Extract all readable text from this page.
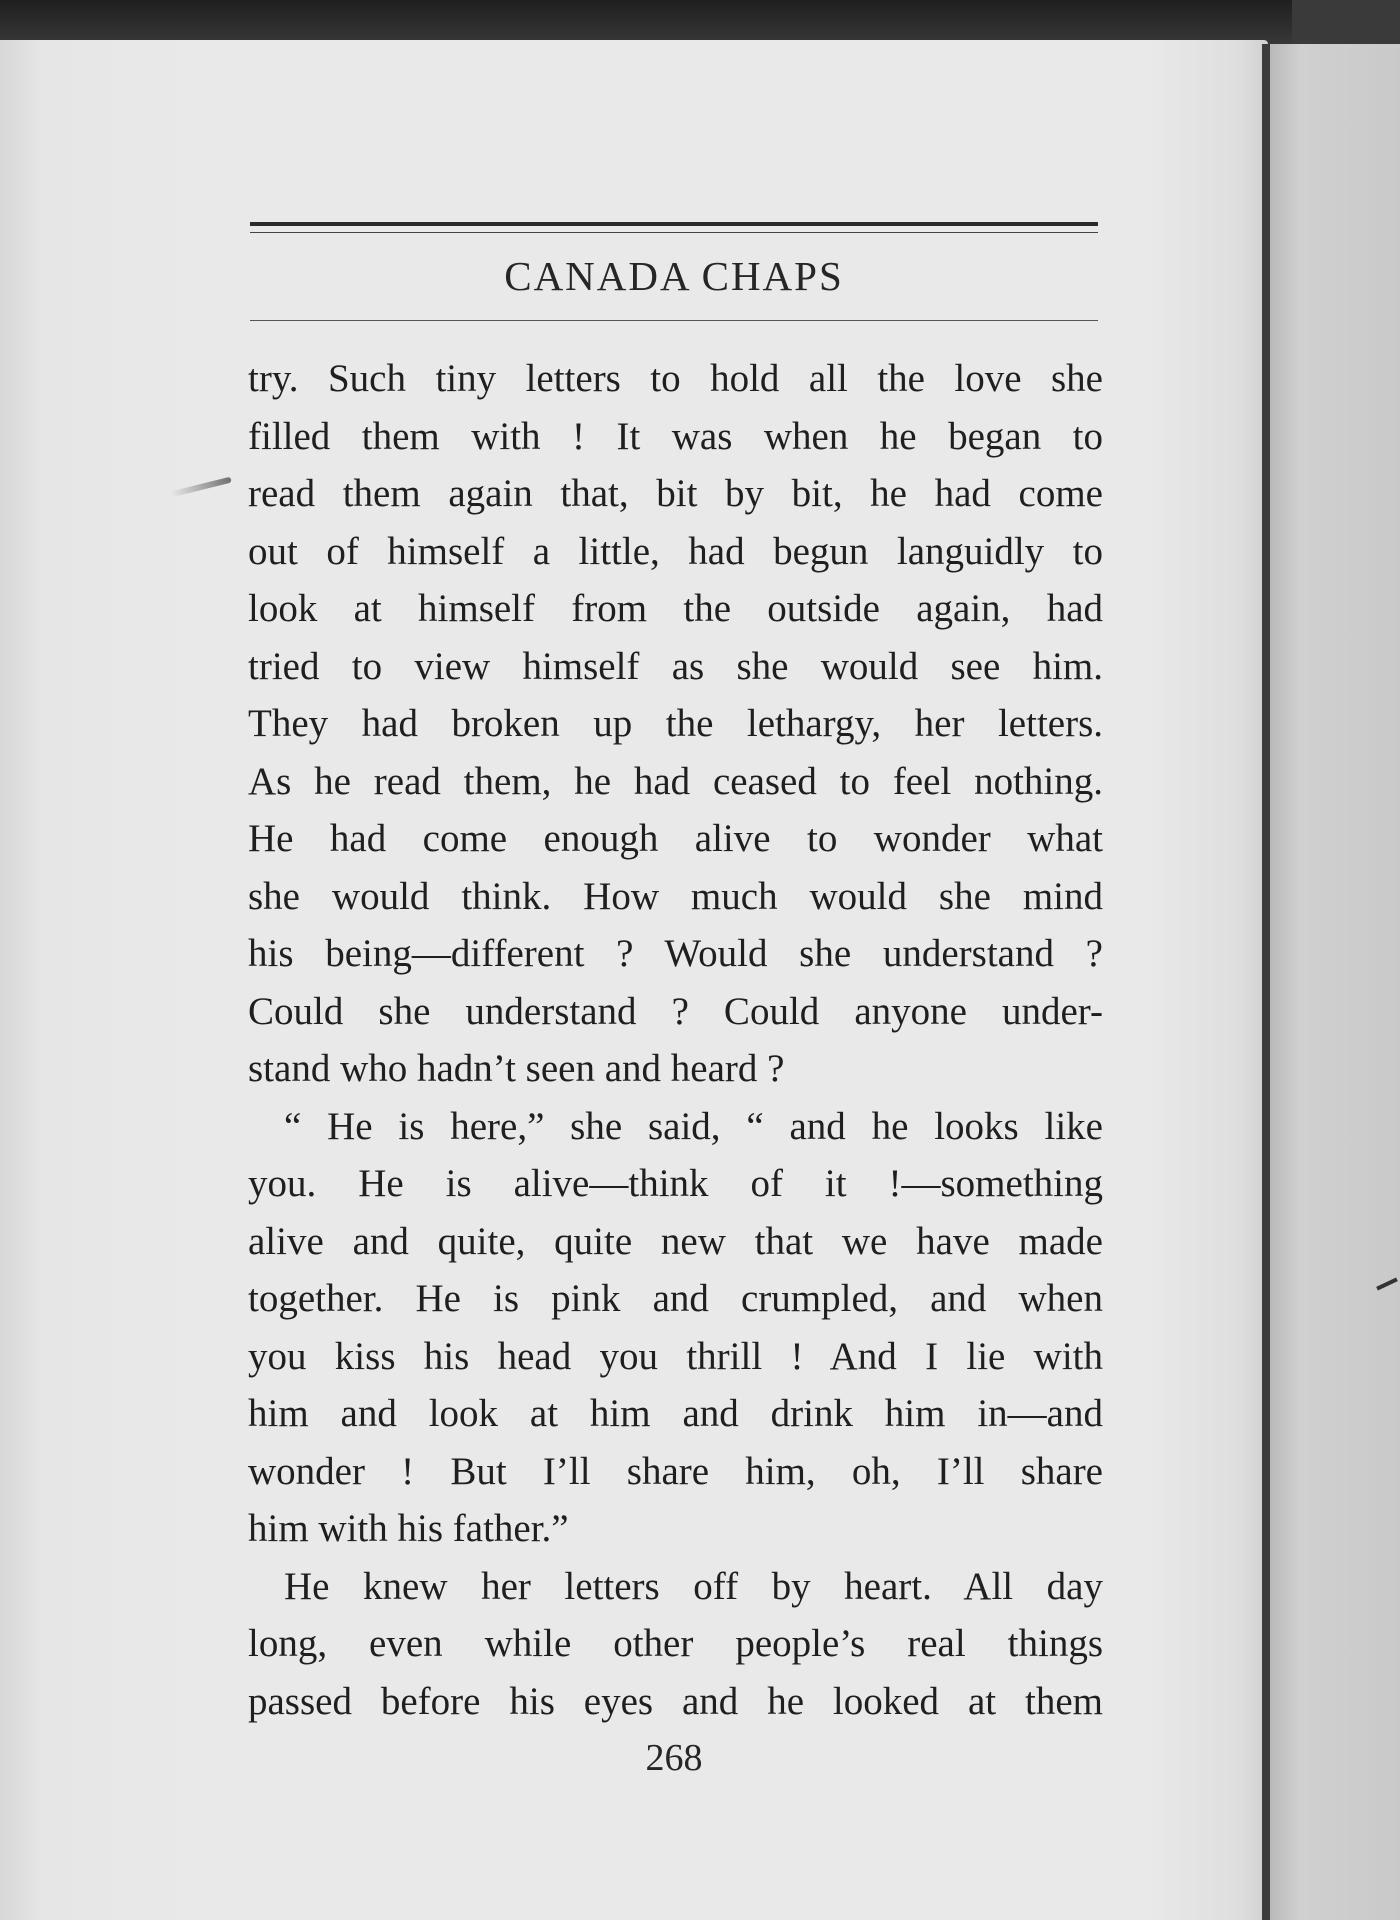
CANADA CHAPS
try. Such tiny letters to hold all the love she
filled them with ! It was when he began to
read them again that, bit by bit, he had come
out of himself a little, had begun languidly to
look at himself from the outside again, had
tried to view himself as she would see him.
They had broken up the lethargy, her letters.
As he read them, he had ceased to feel nothing.
He had come enough alive to wonder what
she would think. How much would she mind
his being—different ? Would she understand ?
Could she understand ? Could anyone under-
stand who hadn’t seen and heard ?
“ He is here,” she said, “ and he looks like
you. He is alive—think of it !—something
alive and quite, quite new that we have made
together. He is pink and crumpled, and when
you kiss his head you thrill ! And I lie with
him and look at him and drink him in—and
wonder ! But I’ll share him, oh, I’ll share
him with his father.”
He knew her letters off by heart. All day
long, even while other people’s real things
passed before his eyes and he looked at them
268
